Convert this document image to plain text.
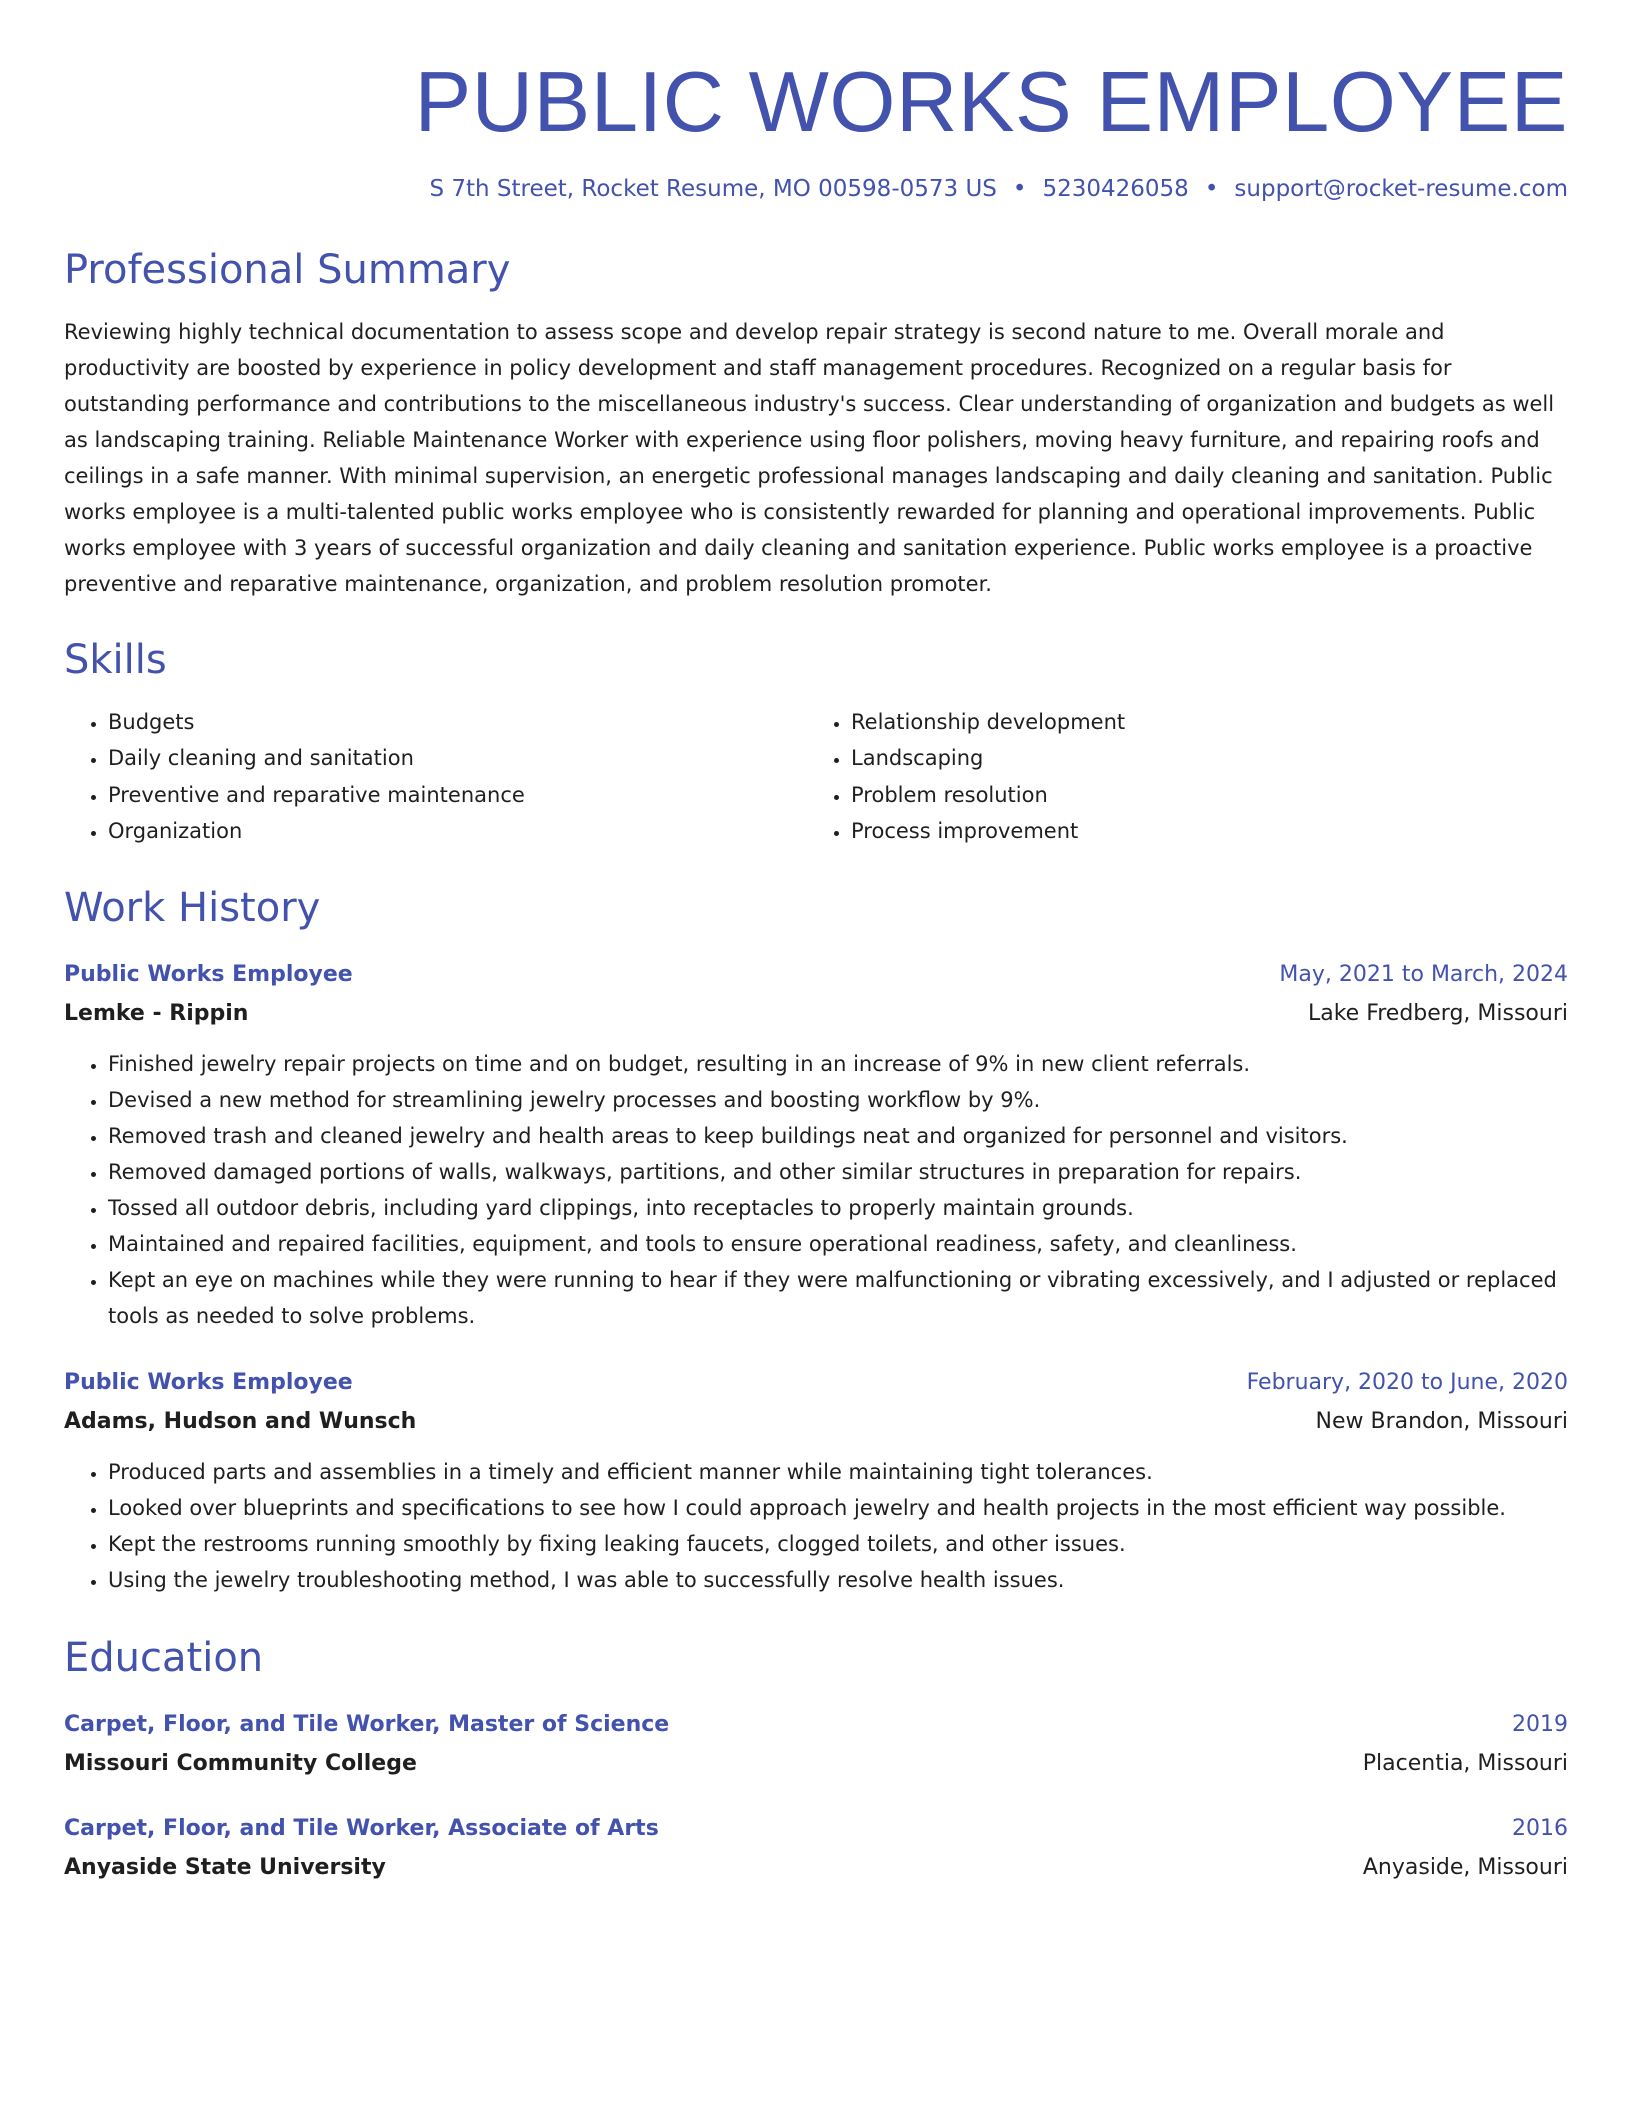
PUBLIC WORKS EMPLOYEE
S 7th Street, Rocket Resume, MO 00598-0573 US • 5230426058 • support@rocket-resume.com
Professional Summary

Reviewing highly technical documentation to assess scope and develop repair strategy is second nature to me. Overall morale and productivity are boosted by experience in policy development and staff management procedures. Recognized on a regular basis for outstanding performance and contributions to the miscellaneous industry's success. Clear understanding of organization and budgets as well as landscaping training. Reliable Maintenance Worker with experience using floor polishers, moving heavy furniture, and repairing roofs and ceilings in a safe manner. With minimal supervision, an energetic professional manages landscaping and daily cleaning and sanitation. Public works employee is a multi-talented public works employee who is consistently rewarded for planning and operational improvements. Public works employee with 3 years of successful organization and daily cleaning and sanitation experience. Public works employee is a proactive preventive and reparative maintenance, organization, and problem resolution promoter.

Skills
• Budgets
• Daily cleaning and sanitation
• Preventive and reparative maintenance
• Organization
• Relationship development
• Landscaping
• Problem resolution
• Process improvement
Work History
Public Works Employee	May, 2021 to March, 2024
Lemke - Rippin	Lake Fredberg, Missouri
• Finished jewelry repair projects on time and on budget, resulting in an increase of 9% in new client referrals.
• Devised a new method for streamlining jewelry processes and boosting workflow by 9%.
• Removed trash and cleaned jewelry and health areas to keep buildings neat and organized for personnel and visitors.
• Removed damaged portions of walls, walkways, partitions, and other similar structures in preparation for repairs.
• Tossed all outdoor debris, including yard clippings, into receptacles to properly maintain grounds.
• Maintained and repaired facilities, equipment, and tools to ensure operational readiness, safety, and cleanliness.
• Kept an eye on machines while they were running to hear if they were malfunctioning or vibrating excessively, and I adjusted or replaced tools as needed to solve problems.
Public Works Employee	February, 2020 to June, 2020
Adams, Hudson and Wunsch	New Brandon, Missouri
• Produced parts and assemblies in a timely and efficient manner while maintaining tight tolerances.
• Looked over blueprints and specifications to see how I could approach jewelry and health projects in the most efficient way possible.
• Kept the restrooms running smoothly by fixing leaking faucets, clogged toilets, and other issues.
• Using the jewelry troubleshooting method, I was able to successfully resolve health issues.
Education
Carpet, Floor, and Tile Worker, Master of Science	2019
Missouri Community College	Placentia, Missouri
Carpet, Floor, and Tile Worker, Associate of Arts	2016
Anyaside State University	Anyaside, Missouri
